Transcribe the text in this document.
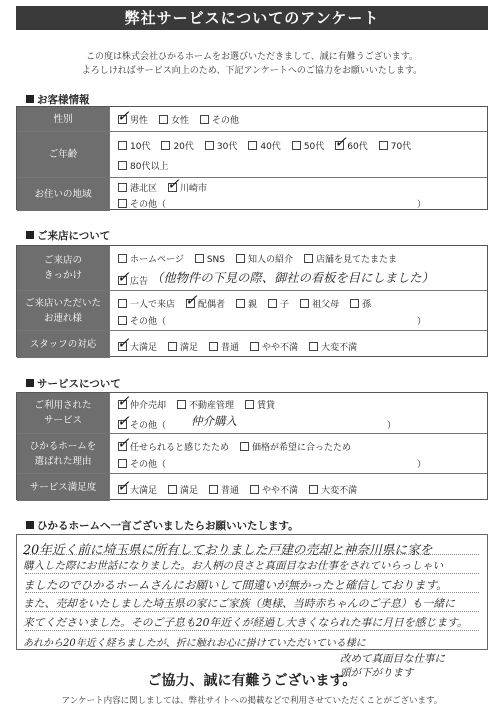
弊社サービスについてのアンケート
この度は株式会社ひかるホームをお選びいただきまして、誠に有難うございます。
よろしければサービス向上のため、下記アンケートへのご協力をお願いいたします。
お客様情報
性別	✓ 男性	女性	その他
ご年齢
10代	20代	30代	40代	50代 ✓ 60代	70代
80代以上
お住いの地域	港北区 ✓ 川崎市
その他（	）
ご来店について
ご来店の
きっかけ
ホームページ	SNS	知人の紹介	店舗を見てたまたま
✓ 広告 （他物件の下見の際、御社の看板を目にしました）
ご来店いただいた
お連れ様
一人で来店 ✓ 配偶者	親	子	祖父母	孫
その他（	）
スタッフの対応 ✓ 大満足	満足	普通	やや不満	大変不満
サービスについて
ご利用された
サービス
✓ 仲介売却	不動産管理	賃貸
✓ その他（ 仲介購入	）
ひかるホームを
選ばれた理由
✓ 任せられると感じたため	価格が希望に合ったため
その他（	）
サービス満足度 ✓ 大満足	満足	普通	やや不満	大変不満
ひかるホームへ一言ございましたらお願いいたします。
20年近く前に埼玉県に所有しておりました戸建の売却と神奈川県に家を
購入した際にお世話になりました。お人柄の良さと真面目なお仕事をされていらっしゃい
ましたのでひかるホームさんにお願いして間違いが無かったと確信しております。
また、売却をいたしました埼玉県の家にご家族（奥様、当時赤ちゃんのご子息）も一緒に
来てくださいました。そのご子息も20年近くが経過し大きくなられた事に月日を感じます。
あれから20年近く経ちましたが、折に触れお心に掛けていただいている様に
改めて真面目な仕事に
頭が下がります
ご協力、誠に有難うございます。
アンケート内容に関しましては、弊社サイトへの掲載などで利用させていただくことがございます。
